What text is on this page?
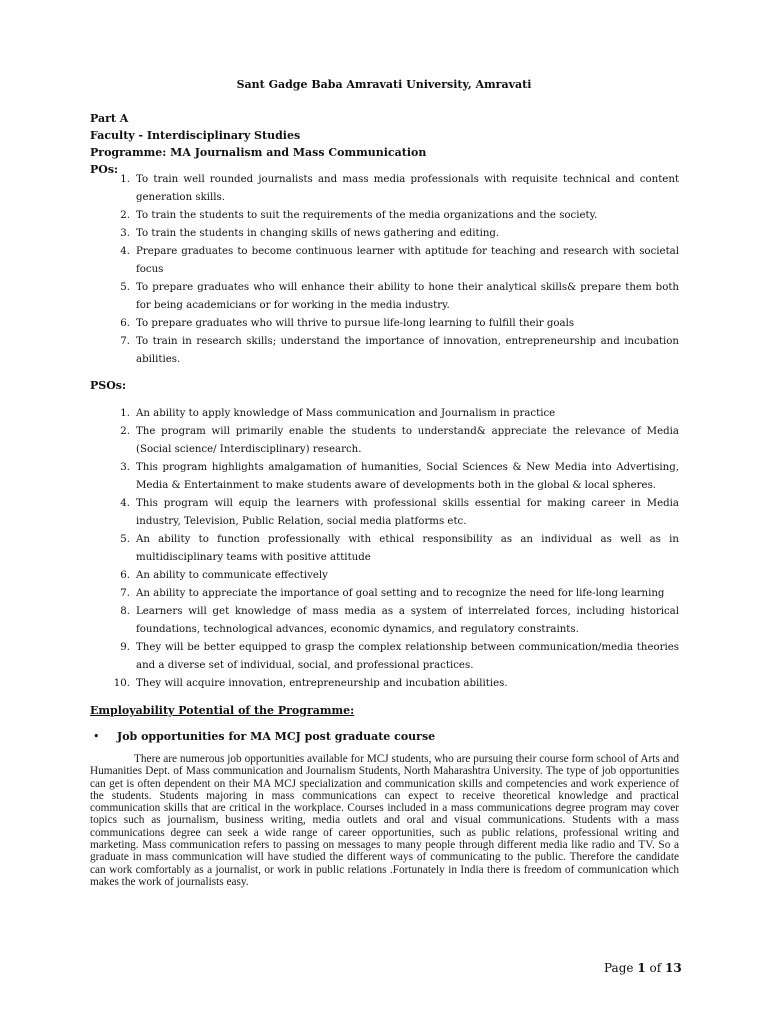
Sant Gadge Baba Amravati University, Amravati
Part A
Faculty - Interdisciplinary Studies
Programme: MA Journalism and Mass Communication
POs:
1. To train well rounded journalists and mass media professionals with requisite technical and content generation skills.
2. To train the students to suit the requirements of the media organizations and the society.
3. To train the students in changing skills of news gathering and editing.
4. Prepare graduates to become continuous learner with aptitude for teaching and research with societal focus
5. To prepare graduates who will enhance their ability to hone their analytical skills& prepare them both for being academicians or for working in the media industry.
6. To prepare graduates who will thrive to pursue life-long learning to fulfill their goals
7. To train in research skills; understand the importance of innovation, entrepreneurship and incubation abilities.
PSOs:
1. An ability to apply knowledge of Mass communication and Journalism in practice
2. The program will primarily enable the students to understand& appreciate the relevance of Media (Social science/ Interdisciplinary) research.
3. This program highlights amalgamation of humanities, Social Sciences & New Media into Advertising, Media & Entertainment to make students aware of developments both in the global & local spheres.
4. This program will equip the learners with professional skills essential for making career in Media industry, Television, Public Relation, social media platforms etc.
5. An ability to function professionally with ethical responsibility as an individual as well as in multidisciplinary teams with positive attitude
6. An ability to communicate effectively
7. An ability to appreciate the importance of goal setting and to recognize the need for life-long learning
8. Learners will get knowledge of mass media as a system of interrelated forces, including historical foundations, technological advances, economic dynamics, and regulatory constraints.
9. They will be better equipped to grasp the complex relationship between communication/media theories and a diverse set of individual, social, and professional practices.
10. They will acquire innovation, entrepreneurship and incubation abilities.
Employability Potential of the Programme:
• Job opportunities for MA MCJ post graduate course

There are numerous job opportunities available for MCJ students, who are pursuing their course form school of Arts and Humanities Dept. of Mass communication and Journalism Students, North Maharashtra University. The type of job opportunities can get is often dependent on their MA MCJ specialization and communication skills and competencies and work experience of the students. Students majoring in mass communications can expect to receive theoretical knowledge and practical communication skills that are critical in the workplace. Courses included in a mass communications degree program may cover topics such as journalism, business writing, media outlets and oral and visual communications. Students with a mass communications degree can seek a wide range of career opportunities, such as public relations, professional writing and marketing. Mass communication refers to passing on messages to many people through different media like radio and TV. So a graduate in mass communication will have studied the different ways of communicating to the public. Therefore the candidate can work comfortably as a journalist, or work in public relations .Fortunately in India there is freedom of communication which makes the work of journalists easy.

Page 1 of 13
